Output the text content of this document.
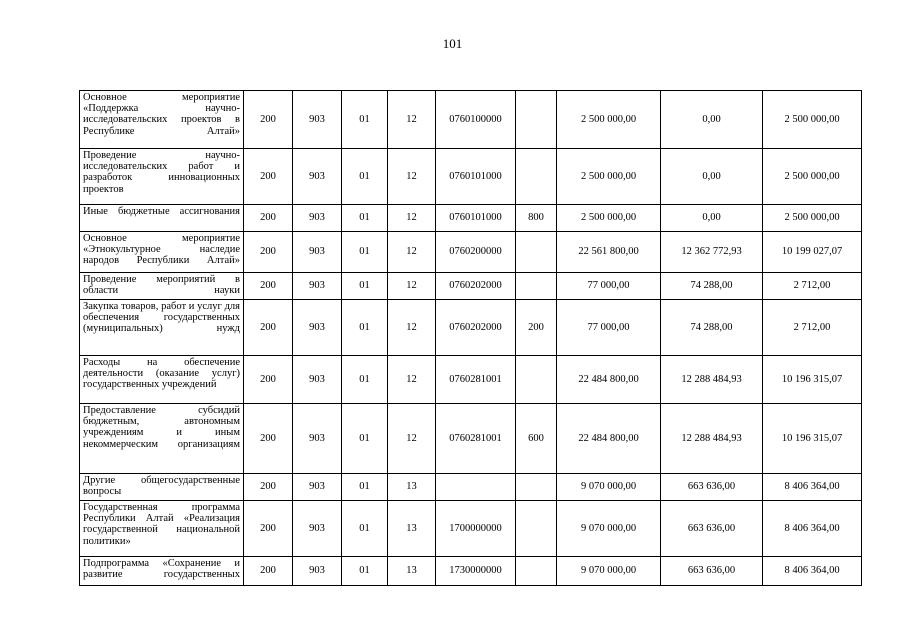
101
Основное мероприятие «Поддержка научно-исследовательских проектов в Республике Алтай»	200	903	01	12	0760100000		2 500 000,00	0,00	2 500 000,00
Проведение научно-исследовательских работ и разработок инновационных проектов	200	903	01	12	0760101000		2 500 000,00	0,00	2 500 000,00
Иные бюджетные ассигнования	200	903	01	12	0760101000	800	2 500 000,00	0,00	2 500 000,00
Основное мероприятие «Этнокультурное наследие народов Республики Алтай»	200	903	01	12	0760200000		22 561 800,00	12 362 772,93	10 199 027,07
Проведение мероприятий в области науки	200	903	01	12	0760202000		77 000,00	74 288,00	2 712,00
Закупка товаров, работ и услуг для обеспечения государственных (муниципальных) нужд	200	903	01	12	0760202000	200	77 000,00	74 288,00	2 712,00
Расходы на обеспечение деятельности (оказание услуг) государственных учреждений	200	903	01	12	0760281001		22 484 800,00	12 288 484,93	10 196 315,07
Предоставление субсидий бюджетным, автономным учреждениям и иным некоммерческим организациям	200	903	01	12	0760281001	600	22 484 800,00	12 288 484,93	10 196 315,07
Другие общегосударственные вопросы	200	903	01	13			9 070 000,00	663 636,00	8 406 364,00
Государственная программа Республики Алтай «Реализация государственной национальной политики»	200	903	01	13	1700000000		9 070 000,00	663 636,00	8 406 364,00
Подпрограмма «Сохранение и развитие государственных	200	903	01	13	1730000000		9 070 000,00	663 636,00	8 406 364,00
